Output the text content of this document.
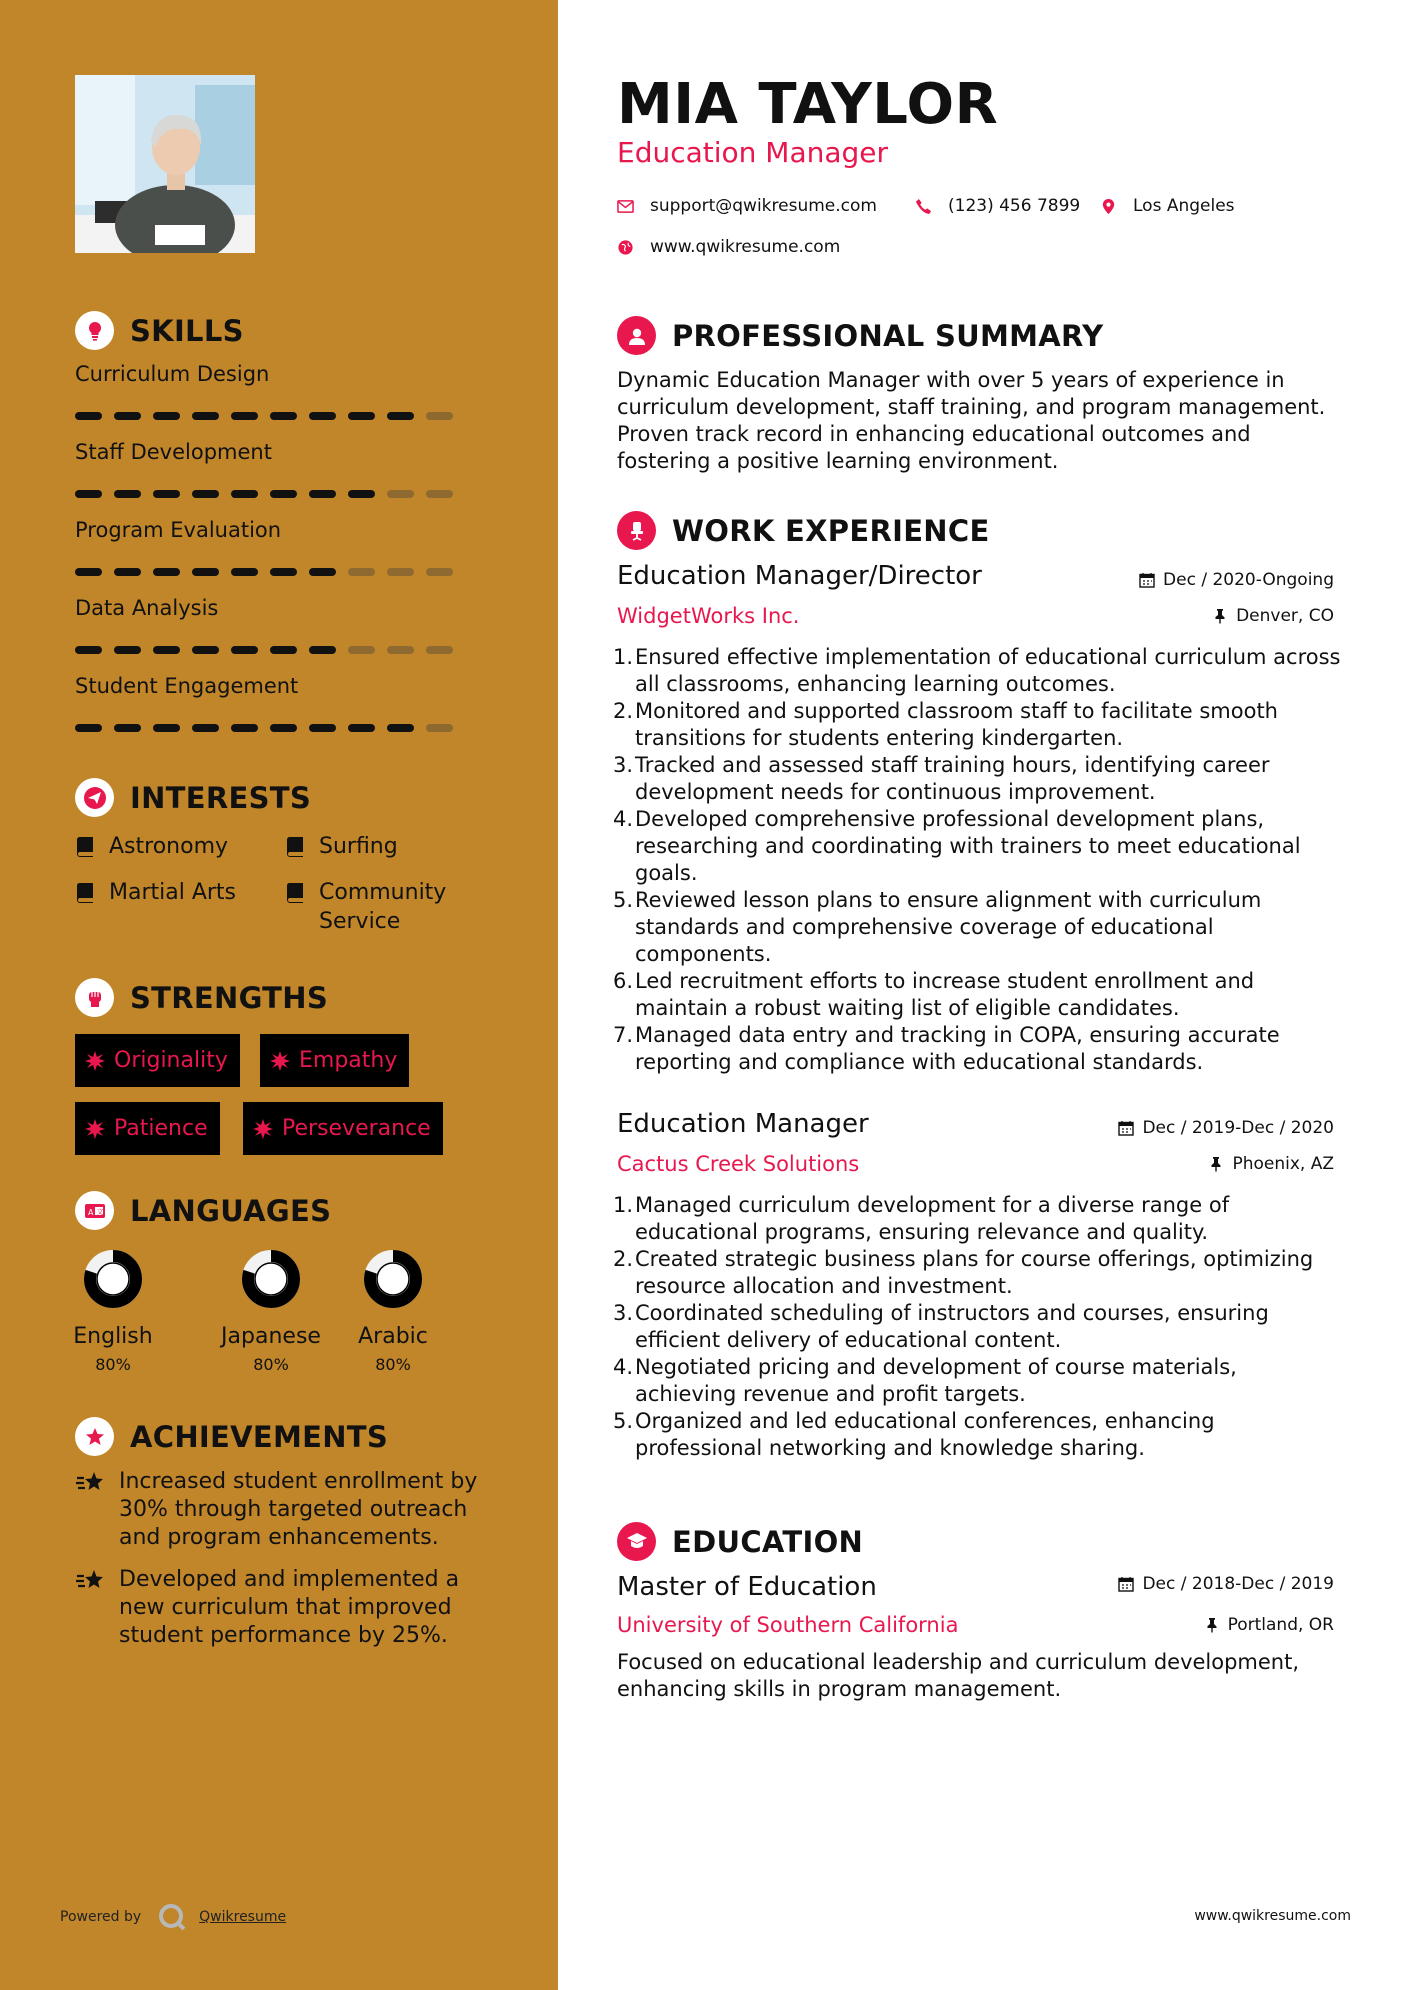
SKILLS
Curriculum Design
Staff Development
Program Evaluation
Data Analysis
Student Engagement
INTERESTS
Astronomy	Surfing
Martial Arts	Community Service
STRENGTHS
Originality	Empathy
Patience	Perseverance
A 文 LANGUAGES
English
80%
Japanese
80%
Arabic
80%
ACHIEVEMENTS
Increased student enrollment by 30% through targeted outreach and program enhancements.
Developed and implemented a new curriculum that improved student performance by 25%.
Powered by	Qwikresume
MIA TAYLOR
Education Manager
support@qwikresume.com	(123) 456 7899	Los Angeles
www.qwikresume.com
PROFESSIONAL SUMMARY
Dynamic Education Manager with over 5 years of experience in curriculum development, staff training, and program management. Proven track record in enhancing educational outcomes and fostering a positive learning environment.
WORK EXPERIENCE
Education Manager/Director	Dec / 2020-Ongoing
WidgetWorks Inc.	Denver, CO
1. Ensured effective implementation of educational curriculum across all classrooms, enhancing learning outcomes.
2. Monitored and supported classroom staff to facilitate smooth transitions for students entering kindergarten.
3. Tracked and assessed staff training hours, identifying career development needs for continuous improvement.
4. Developed comprehensive professional development plans, researching and coordinating with trainers to meet educational goals.
5. Reviewed lesson plans to ensure alignment with curriculum standards and comprehensive coverage of educational components.
6. Led recruitment efforts to increase student enrollment and maintain a robust waiting list of eligible candidates.
7. Managed data entry and tracking in COPA, ensuring accurate reporting and compliance with educational standards.
Education Manager	Dec / 2019-Dec / 2020
Cactus Creek Solutions	Phoenix, AZ
1. Managed curriculum development for a diverse range of educational programs, ensuring relevance and quality.
2. Created strategic business plans for course offerings, optimizing resource allocation and investment.
3. Coordinated scheduling of instructors and courses, ensuring efficient delivery of educational content.
4. Negotiated pricing and development of course materials, achieving revenue and profit targets.
5. Organized and led educational conferences, enhancing professional networking and knowledge sharing.
EDUCATION
Master of Education	Dec / 2018-Dec / 2019
University of Southern California	Portland, OR
Focused on educational leadership and curriculum development, enhancing skills in program management.
www.qwikresume.com
